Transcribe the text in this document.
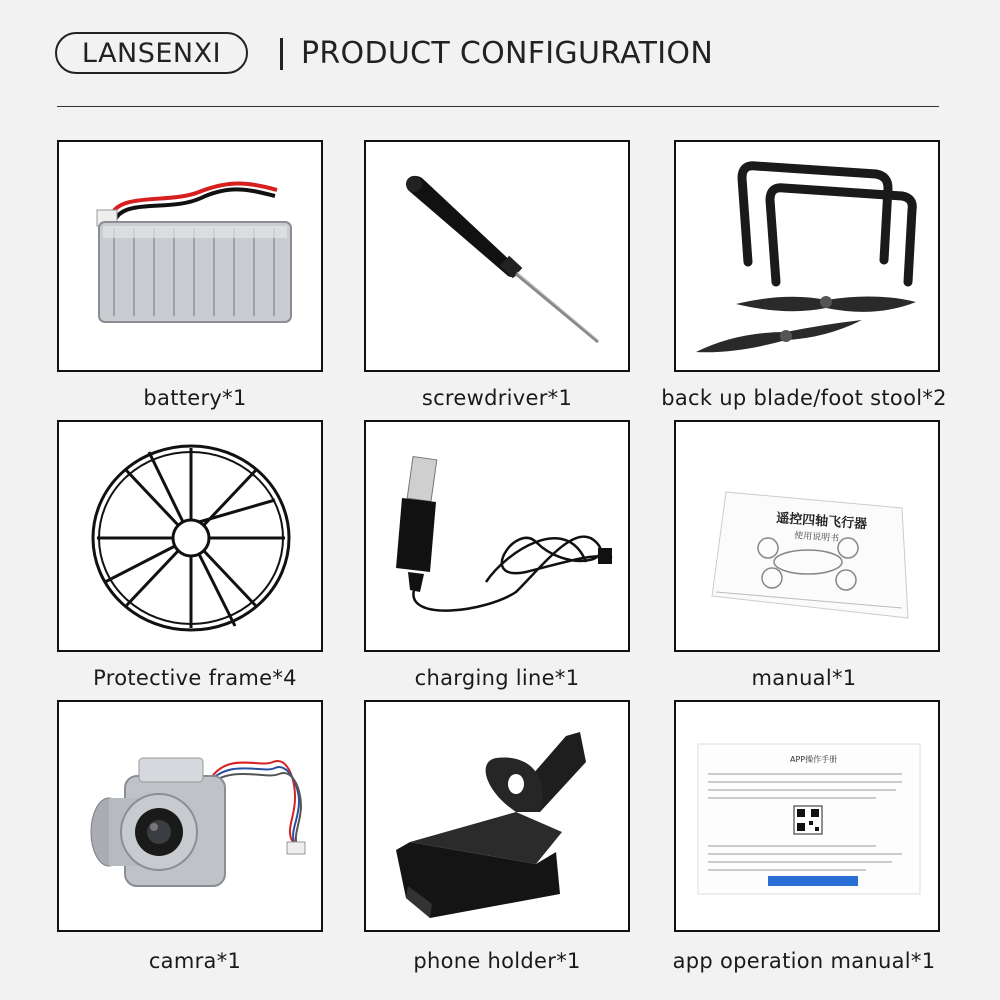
LANSENXI	PRODUCT CONFIGURATION
battery*1	screwdriver*1	back up blade/foot stool*2
Protective frame*4	charging line*1
遥控四轴飞行器
使用说明书
manual*1
camra*1	phone holder*1
APP操作手册
app operation manual*1
